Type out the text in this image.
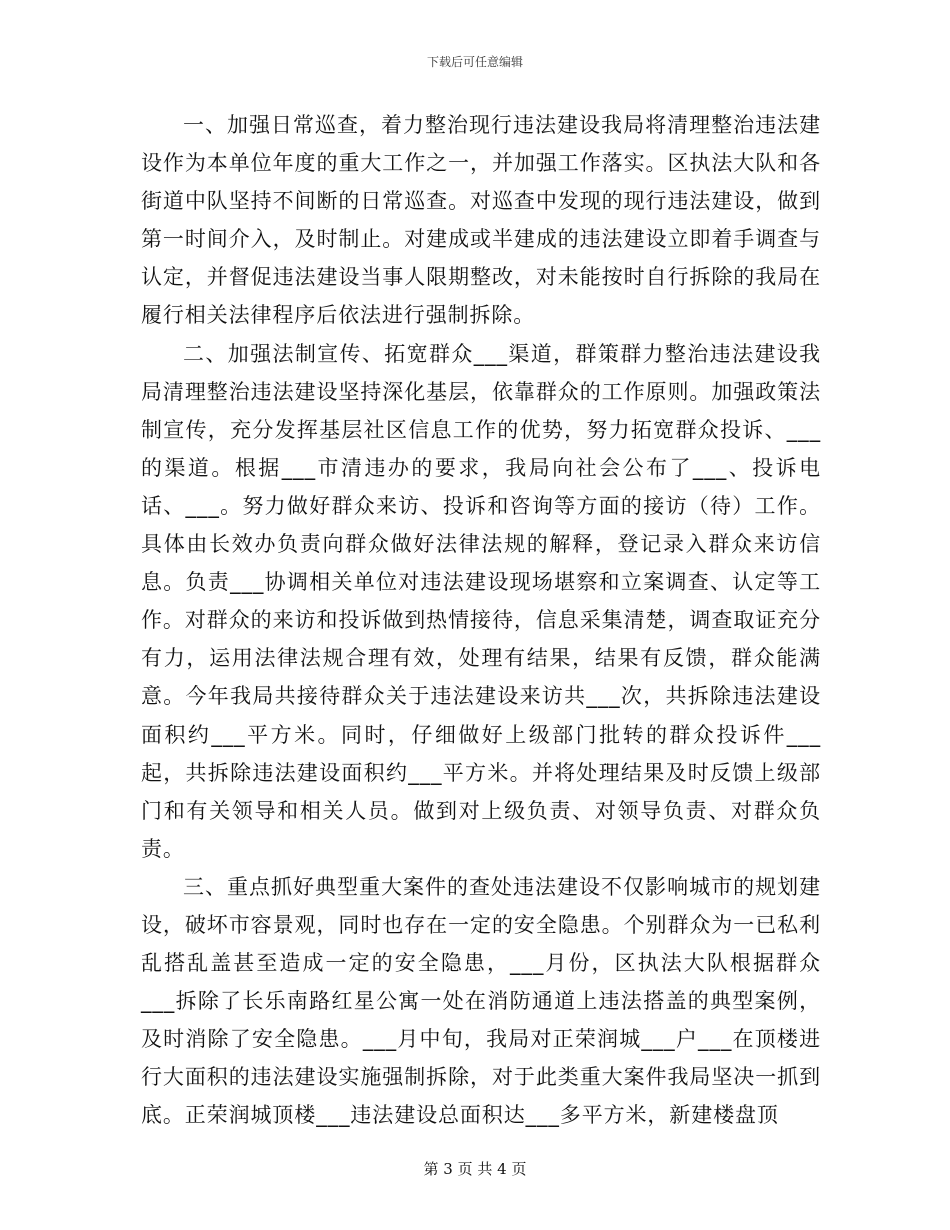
下载后可任意编辑

一、加强日常巡查，着力整治现行违法建设我局将清理整治违法建设作为本单位年度的重大工作之一，并加强工作落实。区执法大队和各街道中队坚持不间断的日常巡查。对巡查中发现的现行违法建设，做到第一时间介入，及时制止。对建成或半建成的违法建设立即着手调查与认定，并督促违法建设当事人限期整改，对未能按时自行拆除的我局在履行相关法律程序后依法进行强制拆除。

二、加强法制宣传、拓宽群众___渠道，群策群力整治违法建设我局清理整治违法建设坚持深化基层，依靠群众的工作原则。加强政策法制宣传，充分发挥基层社区信息工作的优势，努力拓宽群众投诉、___的渠道。根据___市清违办的要求，我局向社会公布了___、投诉电话、___。努力做好群众来访、投诉和咨询等方面的接访（待）工作。具体由长效办负责向群众做好法律法规的解释，登记录入群众来访信息。负责___协调相关单位对违法建设现场堪察和立案调查、认定等工作。对群众的来访和投诉做到热情接待，信息采集清楚，调查取证充分有力，运用法律法规合理有效，处理有结果，结果有反馈，群众能满意。今年我局共接待群众关于违法建设来访共___次，共拆除违法建设面积约___平方米。同时，仔细做好上级部门批转的群众投诉件___起，共拆除违法建设面积约___平方米。并将处理结果及时反馈上级部门和有关领导和相关人员。做到对上级负责、对领导负责、对群众负责。

三、重点抓好典型重大案件的查处违法建设不仅影响城市的规划建设，破坏市容景观，同时也存在一定的安全隐患。个别群众为一已私利乱搭乱盖甚至造成一定的安全隐患，___月份，区执法大队根据群众___拆除了长乐南路红星公寓一处在消防通道上违法搭盖的典型案例，及时消除了安全隐患。___月中旬，我局对正荣润城___户___在顶楼进行大面积的违法建设实施强制拆除，对于此类重大案件我局坚决一抓到底。正荣润城顶楼___违法建设总面积达___多平方米，新建楼盘顶

第 3 页 共 4 页
